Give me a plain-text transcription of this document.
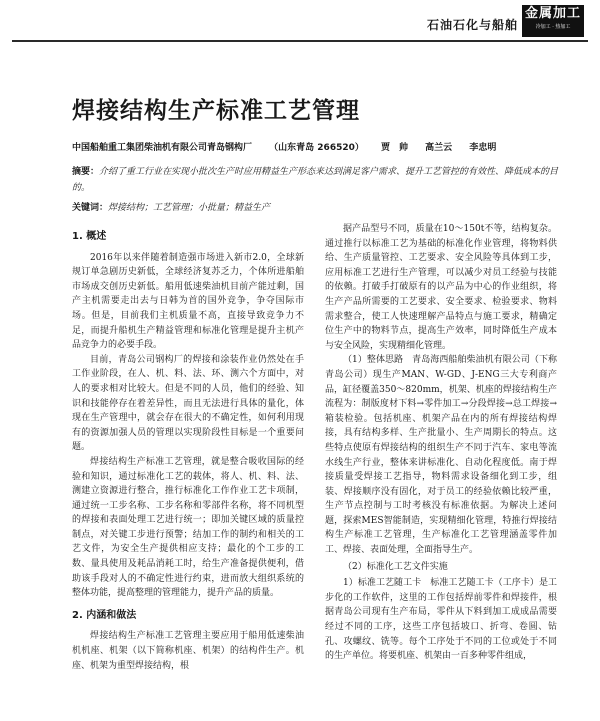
石油石化与船舶
金属加工
冷加工 · 热加工
焊接结构生产标准工艺管理
中国船舶重工集团柴油机有限公司青岛钢构厂 （山东青岛 266520） 贾　帅 高兰云 李忠明
摘要：介绍了重工行业在实现小批次生产时应用精益生产形态来达到满足客户需求、提升工艺管控的有效性、降低成本的目的。
关键词：焊接结构；工艺管理；小批量；精益生产
1. 概述

2016年以来伴随着制造强市场进入新市2.0，全球新规订单急剧历史新低，全球经济复苏乏力，个体所进船舶市场成交创历史新低。船用低速柴油机目前产能过剩，国产主机需要走出去与日韩为首的国外竞争，争夺国际市场。但是，目前我们主机质量不高，直接导致竞争力不足，而提升船机生产精益管理和标准化管理是提升主机产品竞争力的必要手段。

目前，青岛公司钢构厂的焊接和涂装作业仍然处在手工作业阶段，在人、机、料、法、环、测六个方面中，对人的要求相对比较大。但是不同的人员，他们的经验、知识和技能停存在着差异性，而且无法进行具体的量化，体现在生产管理中，就会存在很大的不确定性，如何利用现有的资源加强人员的管理以实现阶段性目标是一个重要问题。

焊接结构生产标准工艺管理，就是整合吸收国际的经验和知识，通过标准化工艺的载体，将人、机、料、法、测建立资源进行整合，推行标准化工作作业工艺卡项制，通过统一工步名称、工步名称和零部件名称，将不同机型的焊接和表面处理工艺进行统一；即加关键区域的质量控制点，对关键工步进行预警；结加工作的制约和相关的工艺文件，为安全生产提供相应支持；最化的个工步的工数、量具使用及耗品消耗工时，给生产准备提供便利，借助该手段对人的不确定性进行约束，进而放大组织系统的整体功能，提高整理的管理能力，提升产品的质量。

2. 内涵和做法

焊接结构生产标准工艺管理主要应用于船用低速柴油机机座、机架（以下简称机座、机架）的结构件生产。机座、机架为重型焊接结构，根

据产品型号不同，质量在10～150t不等，结构复杂。通过推行以标准工艺为基础的标准化作业管理，将物料供给、生产质量管控、工艺要求、安全风险等具体到工步，应用标准工艺进行生产管理，可以减少对员工经验与技能的依赖。打破手打破原有的以产品为中心的作业组织，将生产产品所需要的工艺要求、安全要求、检验要求、物料需求整合，使工人快速理解产品特点与施工要求，精确定位生产中的物料节点，提高生产效率，同时降低生产成本与安全风险，实现精细化管理。

（1）整体思路　青岛海西船舶柴油机有限公司（下称青岛公司）现生产MAN、W-GD、J-ENG三大专利商产品，缸径覆盖350～820mm，机架、机座的焊接结构生产流程为：制版度材下料→零件加工→分段焊接→总工焊接→箱装检验。包括机座、机架产品在内的所有焊接结构焊接，具有结构多样、生产批量小、生产周期长的特点。这些特点使原有焊接结构的组织生产不同于汽车、家电等流水线生产行业，整体来讲标准化、自动化程度低。南于焊接质量受焊接工艺指导，物料需求设备细化到工步，组装、焊接顺序没有固化，对于员工的经验依赖比较严重，生产节点控制与工时考核没有标准依据。为解决上述问题，探索MES智能制造，实现精细化管理，特推行焊接结构生产标准工艺管理，生产标准化工艺管理涵盖零件加工、焊接、表面处理，全面指导生产。

（2）标准化工艺文件实施

1）标准工艺随工卡　标准工艺随工卡（工序卡）是工步化的工作软件，这里的工作包括焊前零件和焊接件，根据青岛公司现有生产布局，零件从下料到加工成成品需要经过不同的工序，这些工序包括坡口、折弯、卷圆、钻孔、攻螺纹、铣等。每个工序处于不同的工位或处于不同的生产单位。将要机座、机架由一百多种零件组成，
